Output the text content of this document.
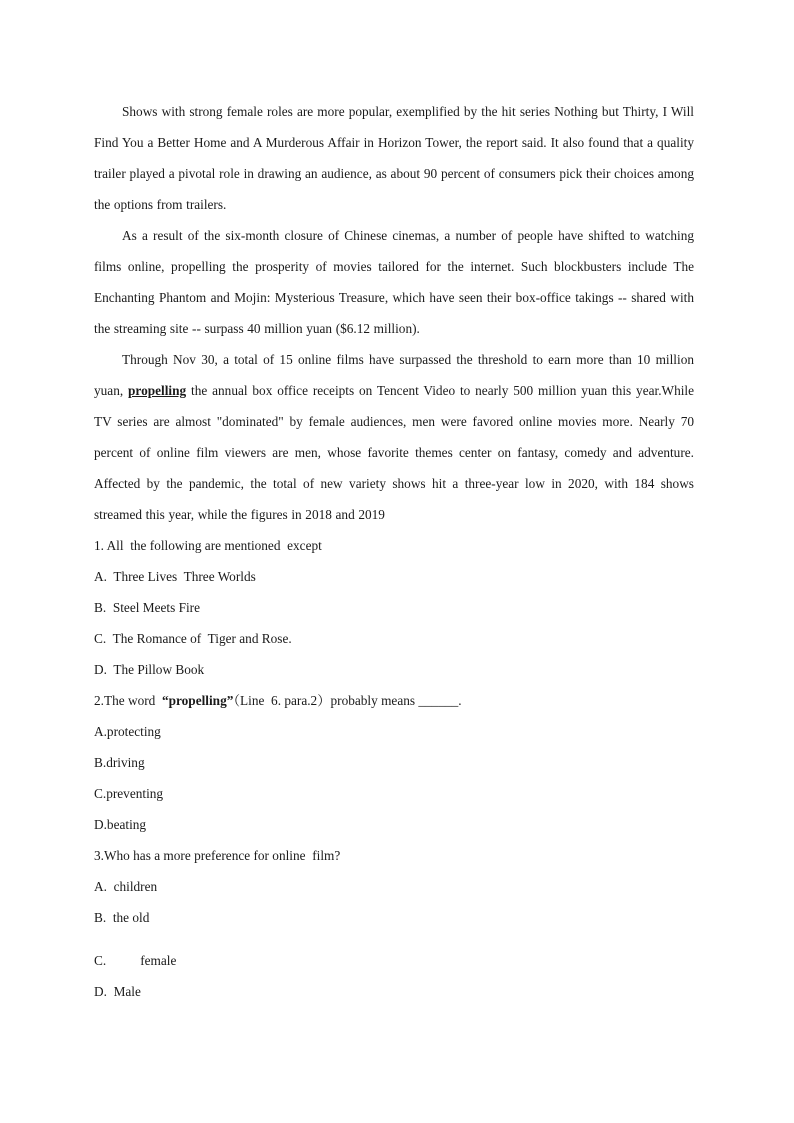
Shows with strong female roles are more popular, exemplified by the hit series Nothing but Thirty, I Will Find You a Better Home and A Murderous Affair in Horizon Tower, the report said. It also found that a quality trailer played a pivotal role in drawing an audience, as about 90 percent of consumers pick their choices among the options from trailers.

As a result of the six-month closure of Chinese cinemas, a number of people have shifted to watching films online, propelling the prosperity of movies tailored for the internet. Such blockbusters include The Enchanting Phantom and Mojin: Mysterious Treasure, which have seen their box-office takings -- shared with the streaming site -- surpass 40 million yuan ($6.12 million).

Through Nov 30, a total of 15 online films have surpassed the threshold to earn more than 10 million yuan, propelling the annual box office receipts on Tencent Video to nearly 500 million yuan this year.While TV series are almost "dominated" by female audiences, men were favored online movies more. Nearly 70 percent of online film viewers are men, whose favorite themes center on fantasy, comedy and adventure. Affected by the pandemic, the total of new variety shows hit a three-year low in 2020, with 184 shows streamed this year, while the figures in 2018 and 2019

1. All  the following are mentioned  except

A.  Three Lives  Three Worlds

B.  Steel Meets Fire

C.  The Romance of  Tiger and Rose.

D.  The Pillow Book

2.The word  “propelling”（Line  6. para.2）probably means ______.

A.protecting

B.driving

C.preventing

D.beating

3.Who has a more preference for online  film?

A.  children

B.  the old

C.	female

D.  Male
